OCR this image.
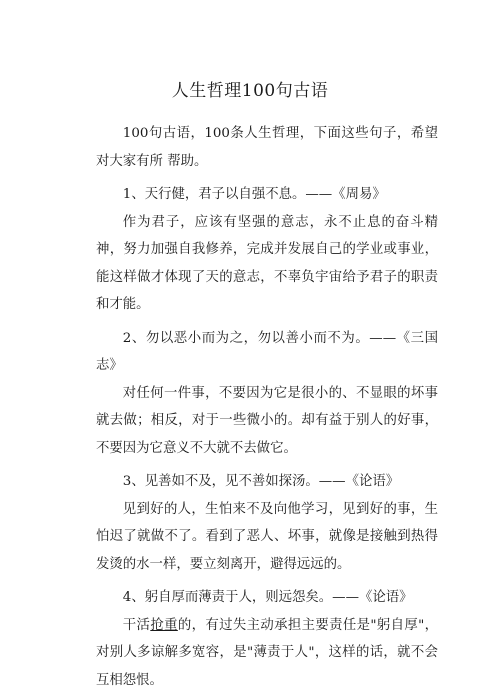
人生哲理100句古语

100句古语，100条人生哲理，下面这些句子，希望对大家有所 帮助。

1、天行健，君子以自强不息。——《周易》

作为君子，应该有坚强的意志，永不止息的奋斗精神，努力加强自我修养，完成并发展自己的学业或事业，能这样做才体现了天的意志，不辜负宇宙给予君子的职责和才能。

2、勿以恶小而为之，勿以善小而不为。——《三国志》

对任何一件事，不要因为它是很小的、不显眼的坏事就去做；相反，对于一些微小的。却有益于别人的好事，不要因为它意义不大就不去做它。

3、见善如不及，见不善如探汤。——《论语》

见到好的人，生怕来不及向他学习，见到好的事，生怕迟了就做不了。看到了恶人、坏事，就像是接触到热得发烫的水一样，要立刻离开，避得远远的。

4、躬自厚而薄责于人，则远怨矣。——《论语》

干活抢重的，有过失主动承担主要责任是"躬自厚"，对别人多谅解多宽容，是"薄责于人"，这样的话，就不会互相怨恨。
